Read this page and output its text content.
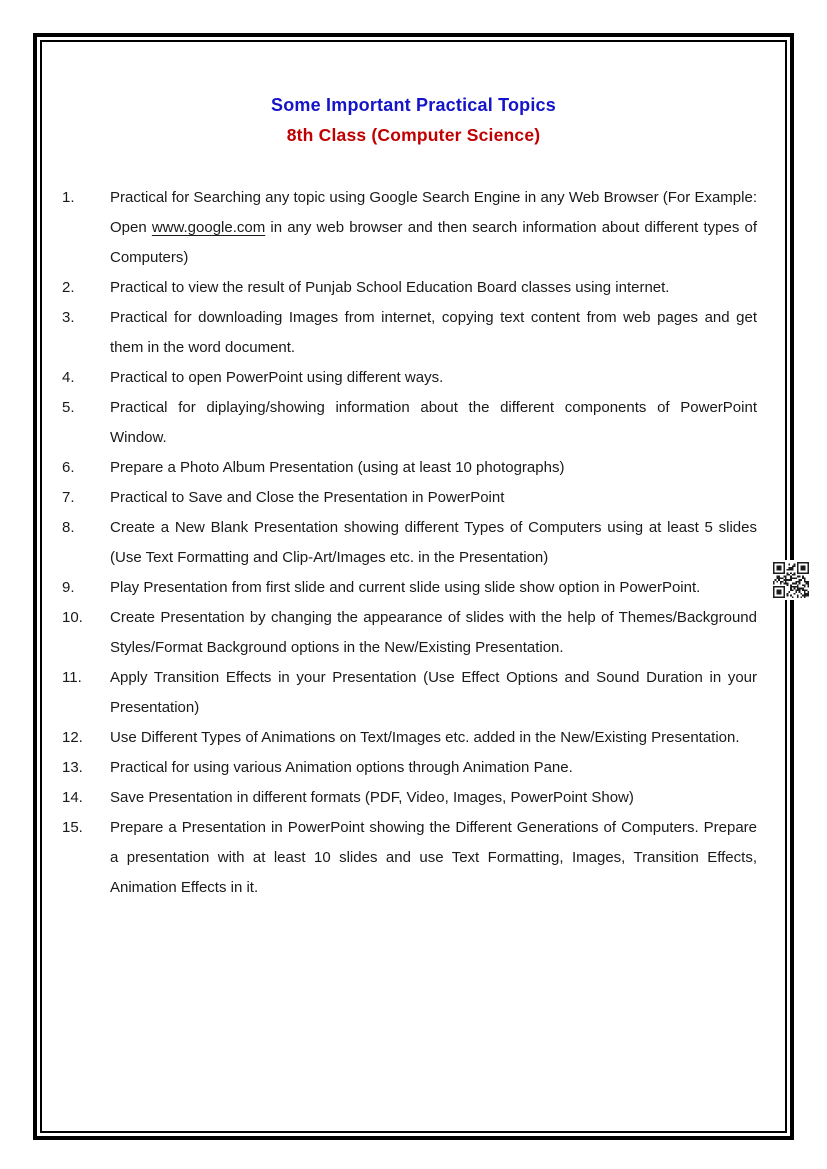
Some Important Practical Topics
8th Class (Computer Science)
1. Practical for Searching any topic using Google Search Engine in any Web Browser (For Example: Open www.google.com in any web browser and then search information about different types of Computers)
2. Practical to view the result of Punjab School Education Board classes using internet.
3. Practical for downloading Images from internet, copying text content from web pages and get them in the word document.
4. Practical to open PowerPoint using different ways.
5. Practical for diplaying/showing information about the different components of PowerPoint Window.
6. Prepare a Photo Album Presentation (using at least 10 photographs)
7. Practical to Save and Close the Presentation in PowerPoint
8. Create a New Blank Presentation showing different Types of Computers using at least 5 slides (Use Text Formatting and Clip-Art/Images etc. in the Presentation)
9. Play Presentation from first slide and current slide using slide show option in PowerPoint.
10. Create Presentation by changing the appearance of slides with the help of Themes/Background Styles/Format Background options in the New/Existing Presentation.
11. Apply Transition Effects in your Presentation (Use Effect Options and Sound Duration in your Presentation)
12. Use Different Types of Animations on Text/Images etc. added in the New/Existing Presentation.
13. Practical for using various Animation options through Animation Pane.
14. Save Presentation in different formats (PDF, Video, Images, PowerPoint Show)
15. Prepare a Presentation in PowerPoint showing the Different Generations of Computers. Prepare a presentation with at least 10 slides and use Text Formatting, Images, Transition Effects, Animation Effects in it.
